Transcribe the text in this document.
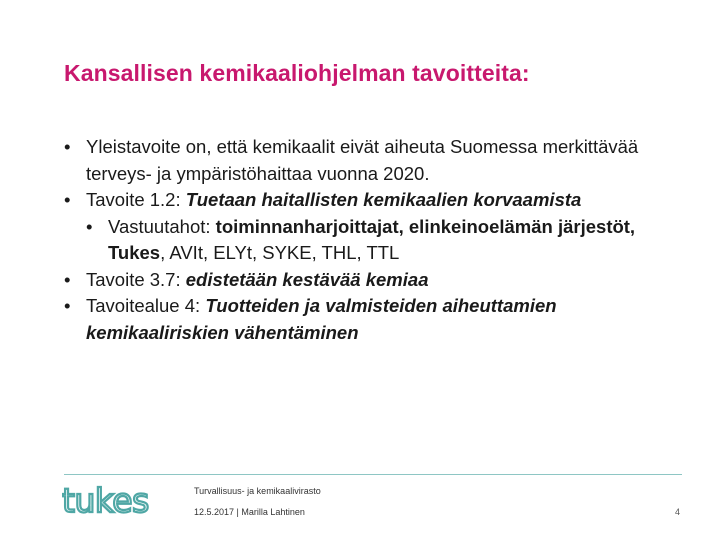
Kansallisen kemikaaliohjelman tavoitteita:
• Yleistavoite on, että kemikaalit eivät aiheuta Suomessa merkittävää terveys- ja ympäristöhaittaa vuonna 2020.
• Tavoite 1.2: Tuetaan haitallisten kemikaalien korvaamista
• Vastuutahot: toiminnanharjoittajat, elinkeinoelämän järjestöt, Tukes, AVIt, ELYt, SYKE, THL, TTL
• Tavoite 3.7: edistetään kestävää kemiaa
• Tavoitealue 4: Tuotteiden ja valmisteiden aiheuttamien kemikaaliriskien vähentäminen
tukes	Turvallisuus- ja kemikaalivirasto
12.5.2017 | Marilla Lahtinen	4
